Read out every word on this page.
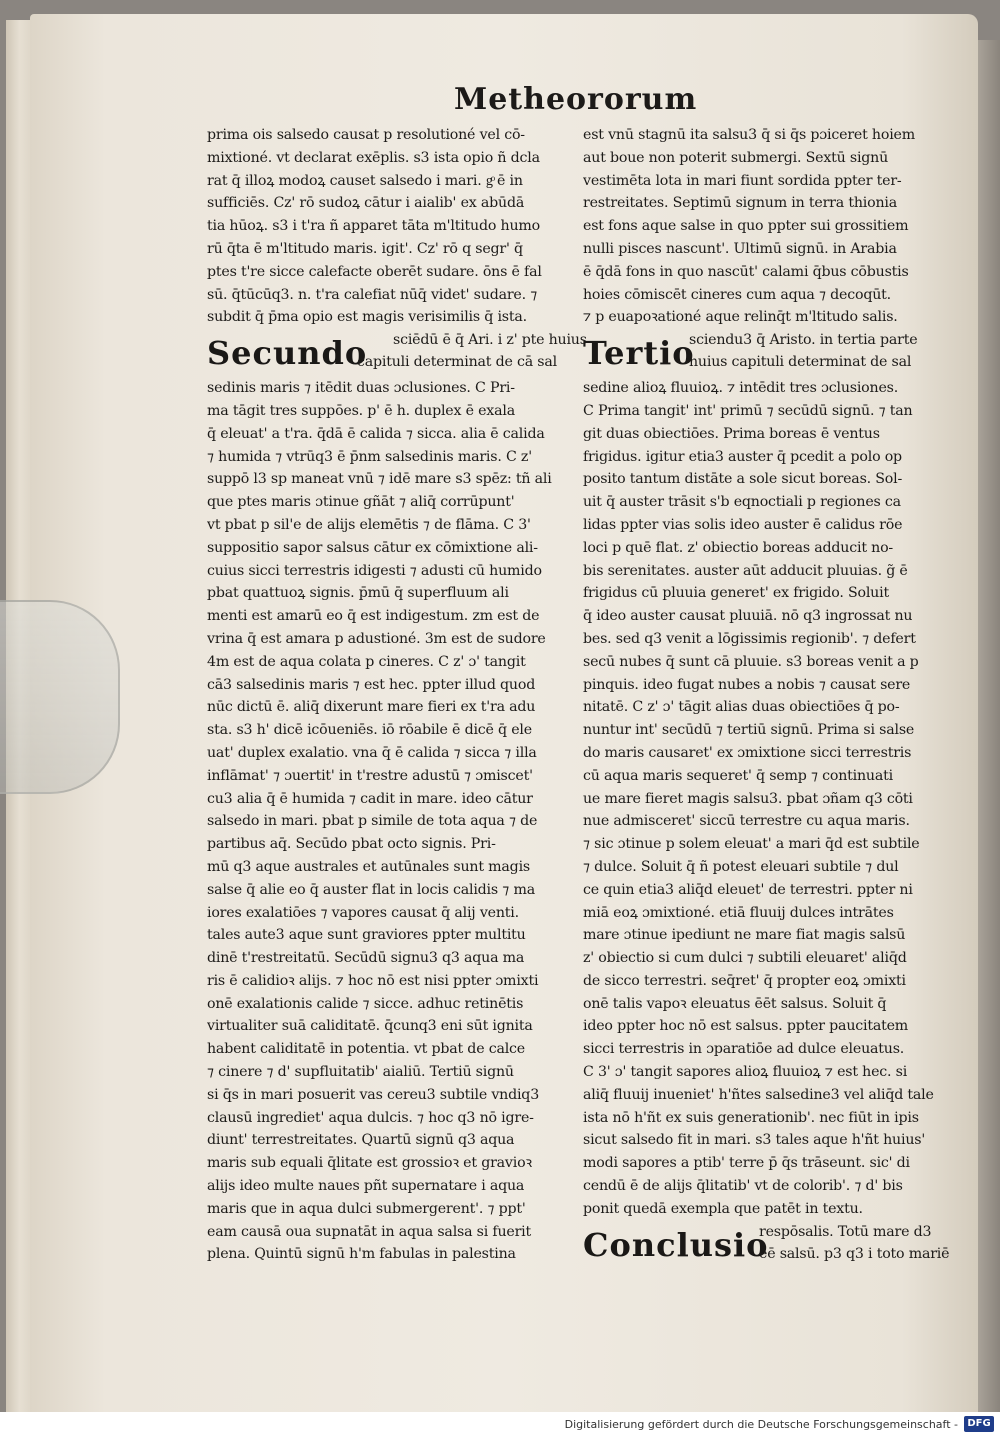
Metheororum
prima ois salsedo causat p resolutioné vel cō-
mixtioné. vt declarat exēplis. s3 ista opio ñ dcla
rat q̄ illoꝝ modoꝝ causet salsedo i mari. gͦ ē in
sufficiēs. Cz' rō sudoꝝ cātur i aialib' ex abūdā
tia hūoꝝ. s3 i t'ra ñ apparet tāta m'ltitudo humo
rū q̄ta ē m'ltitudo maris. igit'. Cz' rō q segr' q̄
ptes t're sicce calefacte oberēt sudare. ōns ē fal
sū. q̄tūcūq3. n. t'ra calefiat nūq̄ videt' sudare. ⁊
subdit q̄ p̄ma opio est magis verisimilis q̄ ista.
Secundo sciēdū ē q̄ Ari. i z' pte huius
capituli determinat de cā sal
sedinis maris ⁊ itēdit duas ɔclusiones. C Pri-
ma tāgit tres suppōes. p' ē h. duplex ē exala
q̄ eleuat' a t'ra. q̄dā ē calida ⁊ sicca. alia ē calida
⁊ humida ⁊ vtrūq3 ē p̄nm salsedinis maris. C z'
suppō l3 sp maneat vnū ⁊ idē mare s3 spēz: tñ ali
que ptes maris ɔtinue gñāt ⁊ aliq̄ corrūpunt'
vt pbat p sil'e de alijs elemētis ⁊ de flāma. C 3'
suppositio sapor salsus cātur ex cōmixtione ali-
cuius sicci terrestris idigesti ⁊ adusti cū humido
pbat quattuoꝝ signis. p̄mū q̄ superfluum ali
menti est amarū eo q̄ est indigestum. zm est de
vrina q̄ est amara p adustioné. 3m est de sudore
4m est de aqua colata p cineres. C z' ɔ' tangit
cā3 salsedinis maris ⁊ est hec. ppter illud quod
nūc dictū ē. aliq̄ dixerunt mare fieri ex t'ra adu
sta. s3 h' dicē icōueniēs. iō rōabile ē dicē q̄ ele
uat' duplex exalatio. vna q̄ ē calida ⁊ sicca ⁊ illa
inflāmat' ⁊ ɔuertit' in t'restre adustū ⁊ ɔmiscet'
cu3 alia q̄ ē humida ⁊ cadit in mare. ideo cātur
salsedo in mari. pbat p simile de tota aqua ⁊ de
partibus aq̄. Secūdo pbat octo signis. Pri-
mū q3 aque australes et autūnales sunt magis
salse q̄ alie eo q̄ auster flat in locis calidis ⁊ ma
iores exalatiōes ⁊ vapores causat q̄ alij venti.
tales aute3 aque sunt graviores ppter multitu
dinē t'restreitatū. Secūdū signu3 q3 aqua ma
ris ē calidioꝛ alijs. ⁊ hoc nō est nisi ppter ɔmixti
onē exalationis calide ⁊ sicce. adhuc retinētis
virtualiter suā caliditatē. q̄cunq3 eni sūt ignita
habent caliditatē in potentia. vt pbat de calce
⁊ cinere ⁊ d' supfluitatib' aialiū. Tertiū signū
si q̄s in mari posuerit vas cereu3 subtile vndiq3
clausū ingrediet' aqua dulcis. ⁊ hoc q3 nō igre-
diunt' terrestreitates. Quartū signū q3 aqua
maris sub equali q̄litate est grossioꝛ et gravioꝛ
alijs ideo multe naues pñt supernatare i aqua
maris que in aqua dulci submergerent'. ⁊ ppt'
eam causā oua supnatāt in aqua salsa si fuerit
plena. Quintū signū h'm fabulas in palestina
est vnū stagnū ita salsu3 q̄ si q̄s pɔiceret hoiem
aut boue non poterit submergi. Sextū signū
vestimēta lota in mari fiunt sordida ppter ter-
restreitates. Septimū signum in terra thionia
est fons aque salse in quo ppter sui grossitiem
nulli pisces nascunt'. Ultimū signū. in Arabia
ē q̄dā fons in quo nascūt' calami q̄bus cōbustis
hoies cōmiscēt cineres cum aqua ⁊ decoqūt.
⁊ p euapoꝛationé aque relinq̄t m'ltitudo salis.
Tertio
sciendu3 q̄ Aristo. in tertia parte
huius capituli determinat de sal
sedine alioꝝ fluuioꝝ. ⁊ intēdit tres ɔclusiones.
C Prima tangit' int' primū ⁊ secūdū signū. ⁊ tan
git duas obiectiōes. Prima boreas ē ventus
frigidus. igitur etia3 auster q̄ pcedit a polo op
posito tantum distāte a sole sicut boreas. Sol-
uit q̄ auster trāsit s'b eqnoctiali p regiones ca
lidas ppter vias solis ideo auster ē calidus rōe
loci p quē flat. z' obiectio boreas adducit no-
bis serenitates. auster aūt adducit pluuias. g̃ ē
frigidus cū pluuia generet' ex frigido. Soluit
q̄ ideo auster causat pluuiā. nō q3 ingrossat nu
bes. sed q3 venit a lōgissimis regionib'. ⁊ defert
secū nubes q̄ sunt cā pluuie. s3 boreas venit a p
pinquis. ideo fugat nubes a nobis ⁊ causat sere
nitatē. C z' ɔ' tāgit alias duas obiectiōes q̄ po-
nuntur int' secūdū ⁊ tertiū signū. Prima si salse
do maris causaret' ex ɔmixtione sicci terrestris
cū aqua maris sequeret' q̄ semp ⁊ continuati
ue mare fieret magis salsu3. pbat ɔñam q3 cōti
nue admisceret' siccū terrestre cu aqua maris.
⁊ sic ɔtinue p solem eleuat' a mari q̄d est subtile
⁊ dulce. Soluit q̄ ñ potest eleuari subtile ⁊ dul
ce quin etia3 aliq̄d eleuet' de terrestri. ppter ni
miā eoꝝ ɔmixtioné. etiā fluuij dulces intrātes
mare ɔtinue ipediunt ne mare fiat magis salsū
z' obiectio si cum dulci ⁊ subtili eleuaret' aliq̄d
de sicco terrestri. seq̄ret' q̄ propter eoꝝ ɔmixti
onē talis vapoꝛ eleuatus ēēt salsus. Soluit q̄
ideo ppter hoc nō est salsus. ppter paucitatem
sicci terrestris in ɔparatiōe ad dulce eleuatus.
C 3' ɔ' tangit sapores alioꝝ fluuioꝝ ⁊ est hec. si
aliq̄ fluuij inueniet' h'ñtes salsedine3 vel aliq̄d tale
ista nō h'ñt ex suis generationib'. nec fiūt in ipis
sicut salsedo fit in mari. s3 tales aque h'ñt huius'
modi sapores a ptib' terre p̄ q̄s trāseunt. sic' di
cendū ē de alijs q̄litatib' vt de colorib'. ⁊ d' bis
ponit quedā exempla que patēt in textu.
Conclusio
respōsalis. Totū mare d3
eē salsū. p3 q3 i toto mariē
Digitalisierung gefördert durch die Deutsche Forschungsgemeinschaft - DFG
